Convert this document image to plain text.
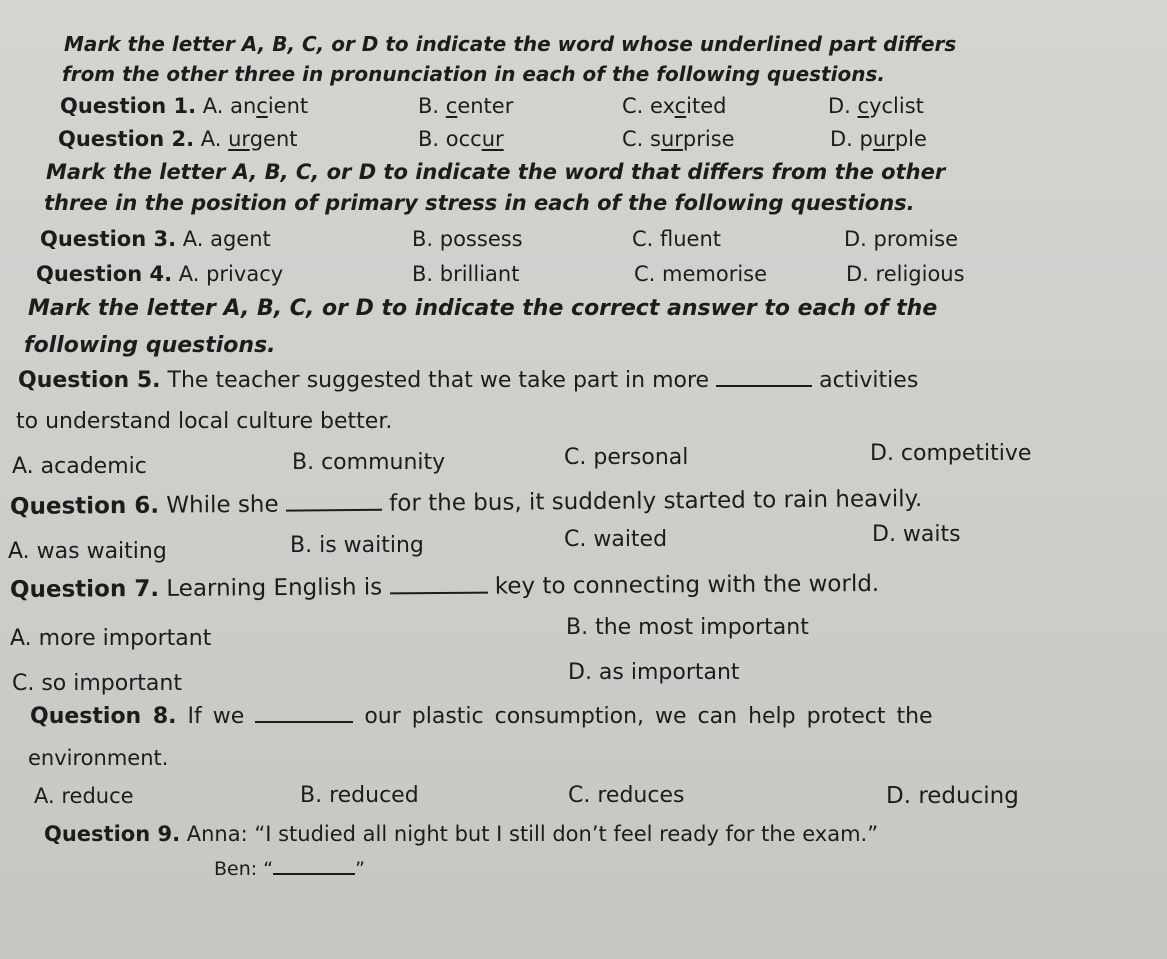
Mark the letter A, B, C, or D to indicate the word whose underlined part differs
from the other three in pronunciation in each of the following questions.
Question 1. A. ancient	B. center	C. excited	D. cyclist
Question 2. A. urgent	B. occur	C. surprise	D. purple
Mark the letter A, B, C, or D to indicate the word that differs from the other
three in the position of primary stress in each of the following questions.
Question 3. A. agent	B. possess	C. fluent	D. promise
Question 4. A. privacy	B. brilliant	C. memorise	D. religious
Mark the letter A, B, C, or D to indicate the correct answer to each of the
following questions.
Question 5. The teacher suggested that we take part in more	activities
to understand local culture better.
A. academic	B. community	C. personal	D. competitive
Question 6. While she	for the bus, it suddenly started to rain heavily.
A. was waiting	B. is waiting	C. waited	D. waits
Question 7. Learning English is	key to connecting with the world.
A. more important	B. the most important
C. so important	D. as important
Question 8. If we	our plastic consumption, we can help protect the
environment.
A. reduce	B. reduced	C. reduces	D. reducing
Question 9. Anna: “I studied all night but I still don’t feel ready for the exam.”
Ben: “	”
